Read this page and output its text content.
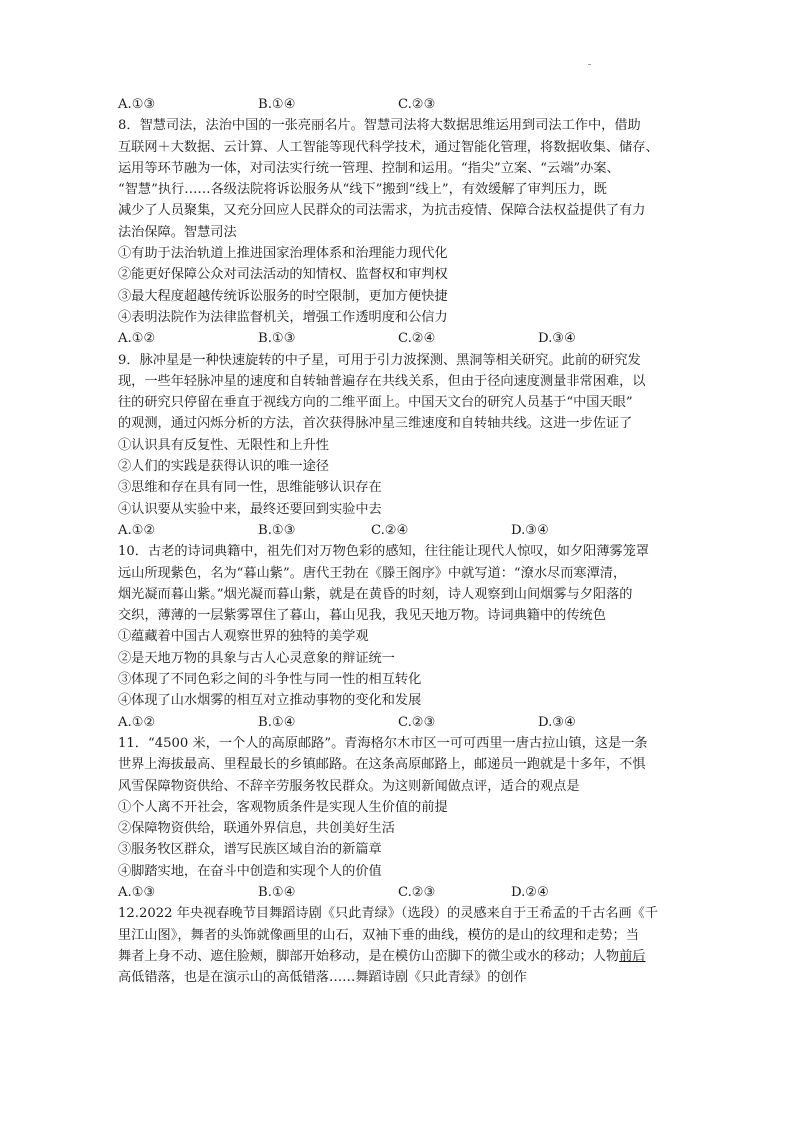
A.①③	B.①④	C.②③
8．智慧司法，法治中国的一张亮丽名片。智慧司法将大数据思维运用到司法工作中，借助
互联网＋大数据、云计算、人工智能等现代科学技术，通过智能化管理，将数据收集、储存、
运用等环节融为一体，对司法实行统一管理、控制和运用。“指尖”立案、“云端”办案、
“智慧”执行……各级法院将诉讼服务从“线下”搬到“线上”，有效缓解了审判压力，既
减少了人员聚集，又充分回应人民群众的司法需求，为抗击疫情、保障合法权益提供了有力
法治保障。智慧司法
①有助于法治轨道上推进国家治理体系和治理能力现代化
②能更好保障公众对司法活动的知情权、监督权和审判权
③最大程度超越传统诉讼服务的时空限制，更加方便快捷
④表明法院作为法律监督机关，增强工作透明度和公信力
A.①②	B.①③	C.②④	D.③④
9．脉冲星是一种快速旋转的中子星，可用于引力波探测、黑洞等相关研究。此前的研究发
现，一些年轻脉冲星的速度和自转轴普遍存在共线关系，但由于径向速度测量非常困难，以
往的研究只停留在垂直于视线方向的二维平面上。中国天文台的研究人员基于“中国天眼”
的观测，通过闪烁分析的方法，首次获得脉冲星三维速度和自转轴共线。这进一步佐证了
①认识具有反复性、无限性和上升性
②人们的实践是获得认识的唯一途径
③思维和存在具有同一性，思维能够认识存在
④认识要从实验中来，最终还要回到实验中去
A.①②	B.①③	C.②④	D.③④
10．古老的诗词典籍中，祖先们对万物色彩的感知，往往能让现代人惊叹，如夕阳薄雾笼罩
远山所现紫色，名为“暮山紫”。唐代王勃在《滕王阁序》中就写道：“潦水尽而寒潭清，
烟光凝而暮山紫。”烟光凝而暮山紫，就是在黄昏的时刻，诗人观察到山间烟雾与夕阳落的
交织，薄薄的一层紫雾罩住了暮山，暮山见我，我见天地万物。诗词典籍中的传统色
①蕴藏着中国古人观察世界的独特的美学观
②是天地万物的具象与古人心灵意象的辩证统一
③体现了不同色彩之间的斗争性与同一性的相互转化
④体现了山水烟雾的相互对立推动事物的变化和发展
A.①②	B.①④	C.②③	D.③④
11．“4500 米，一个人的高原邮路”。青海格尔木市区一可可西里一唐古拉山镇，这是一条
世界上海拔最高、里程最长的乡镇邮路。在这条高原邮路上，邮递员一跑就是十多年，不惧
风雪保障物资供给、不辞辛劳服务牧民群众。为这则新闻做点评，适合的观点是
①个人离不开社会，客观物质条件是实现人生价值的前提
②保障物资供给，联通外界信息，共创美好生活
③服务牧区群众，谱写民族区域自治的新篇章
④脚踏实地，在奋斗中创造和实现个人的价值
A.①③	B.①④	C.②③	D.②④
12.2022 年央视春晚节目舞蹈诗剧《只此青绿》（选段）的灵感来自于王希孟的千古名画《千
里江山图》，舞者的头饰就像画里的山石，双袖下垂的曲线，模仿的是山的纹理和走势；当
舞者上身不动、遮住脸颊，脚部开始移动，是在模仿山峦脚下的微尘或水的移动；人物前后
高低错落，也是在演示山的高低错落……舞蹈诗剧《只此青绿》的创作
